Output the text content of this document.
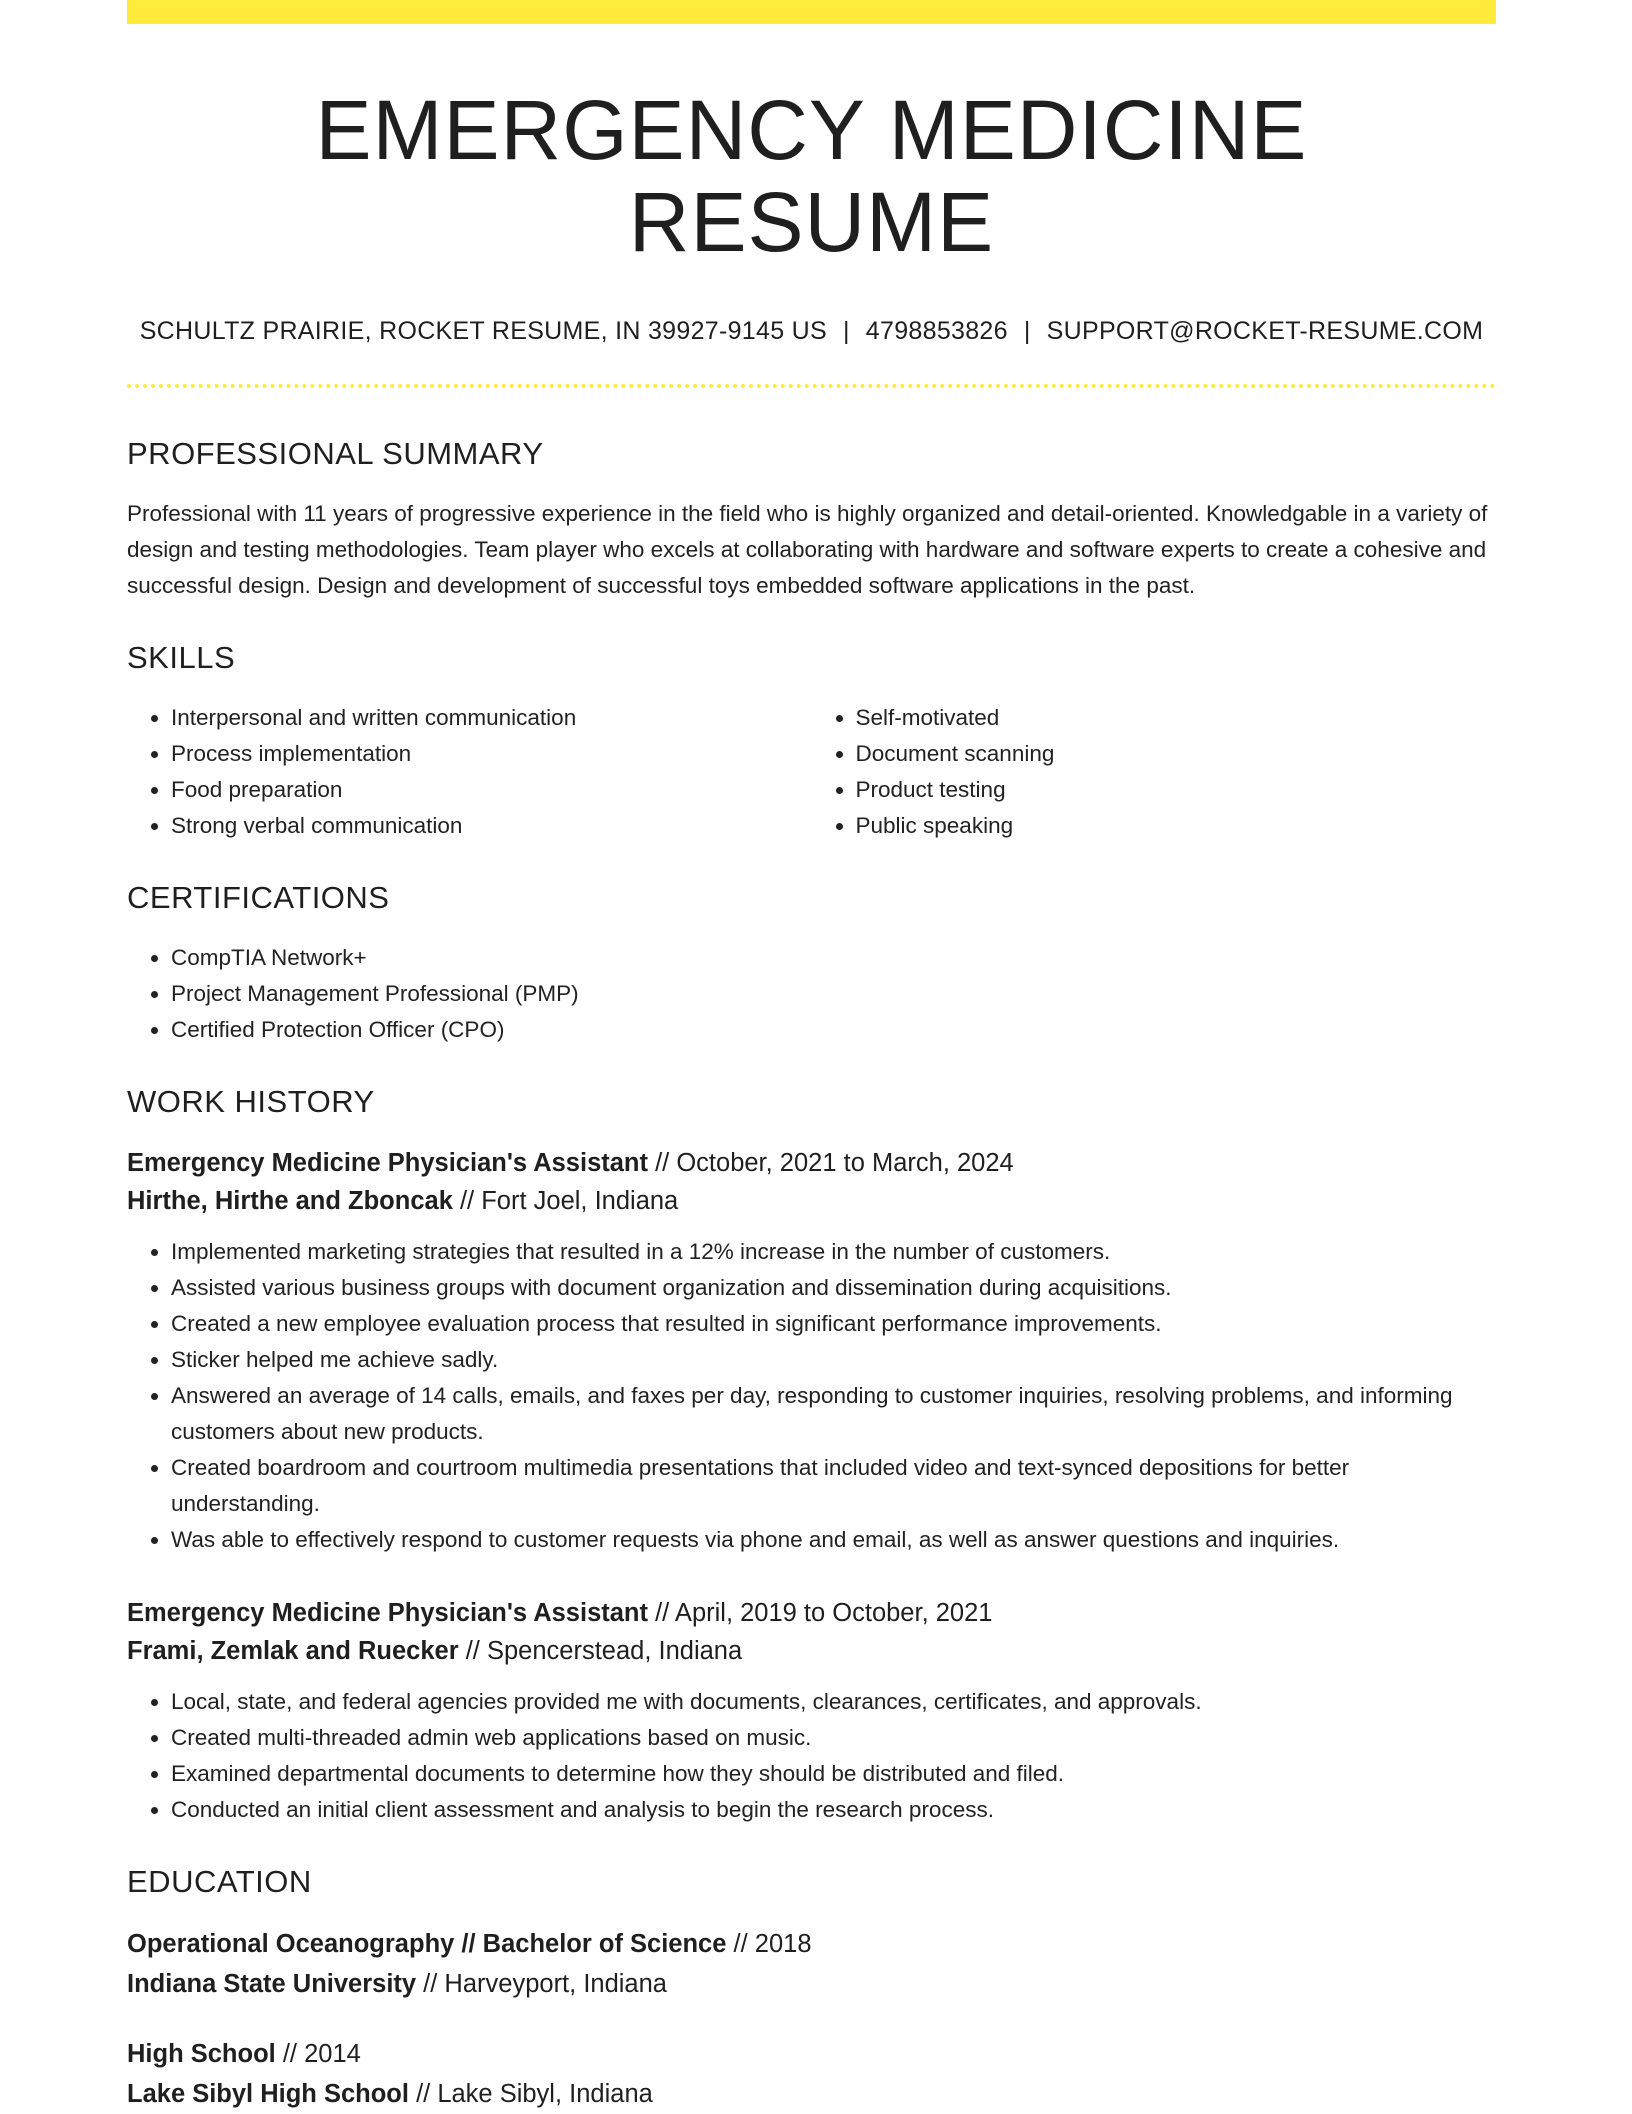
EMERGENCY MEDICINE RESUME
SCHULTZ PRAIRIE, ROCKET RESUME, IN 39927-9145 US | 4798853826 | SUPPORT@ROCKET-RESUME.COM
PROFESSIONAL SUMMARY
Professional with 11 years of progressive experience in the field who is highly organized and detail-oriented. Knowledgable in a variety of design and testing methodologies. Team player who excels at collaborating with hardware and software experts to create a cohesive and successful design. Design and development of successful toys embedded software applications in the past.
SKILLS
• Interpersonal and written communication
• Process implementation
• Food preparation
• Strong verbal communication
• Self-motivated
• Document scanning
• Product testing
• Public speaking
CERTIFICATIONS
• CompTIA Network+
• Project Management Professional (PMP)
• Certified Protection Officer (CPO)
WORK HISTORY
Emergency Medicine Physician's Assistant // October, 2021 to March, 2024
Hirthe, Hirthe and Zboncak // Fort Joel, Indiana
• Implemented marketing strategies that resulted in a 12% increase in the number of customers.
• Assisted various business groups with document organization and dissemination during acquisitions.
• Created a new employee evaluation process that resulted in significant performance improvements.
• Sticker helped me achieve sadly.
• Answered an average of 14 calls, emails, and faxes per day, responding to customer inquiries, resolving problems, and informing customers about new products.
• Created boardroom and courtroom multimedia presentations that included video and text-synced depositions for better understanding.
• Was able to effectively respond to customer requests via phone and email, as well as answer questions and inquiries.
Emergency Medicine Physician's Assistant // April, 2019 to October, 2021
Frami, Zemlak and Ruecker // Spencerstead, Indiana
• Local, state, and federal agencies provided me with documents, clearances, certificates, and approvals.
• Created multi-threaded admin web applications based on music.
• Examined departmental documents to determine how they should be distributed and filed.
• Conducted an initial client assessment and analysis to begin the research process.
EDUCATION
Operational Oceanography // Bachelor of Science // 2018
Indiana State University // Harveyport, Indiana
High School // 2014
Lake Sibyl High School // Lake Sibyl, Indiana
